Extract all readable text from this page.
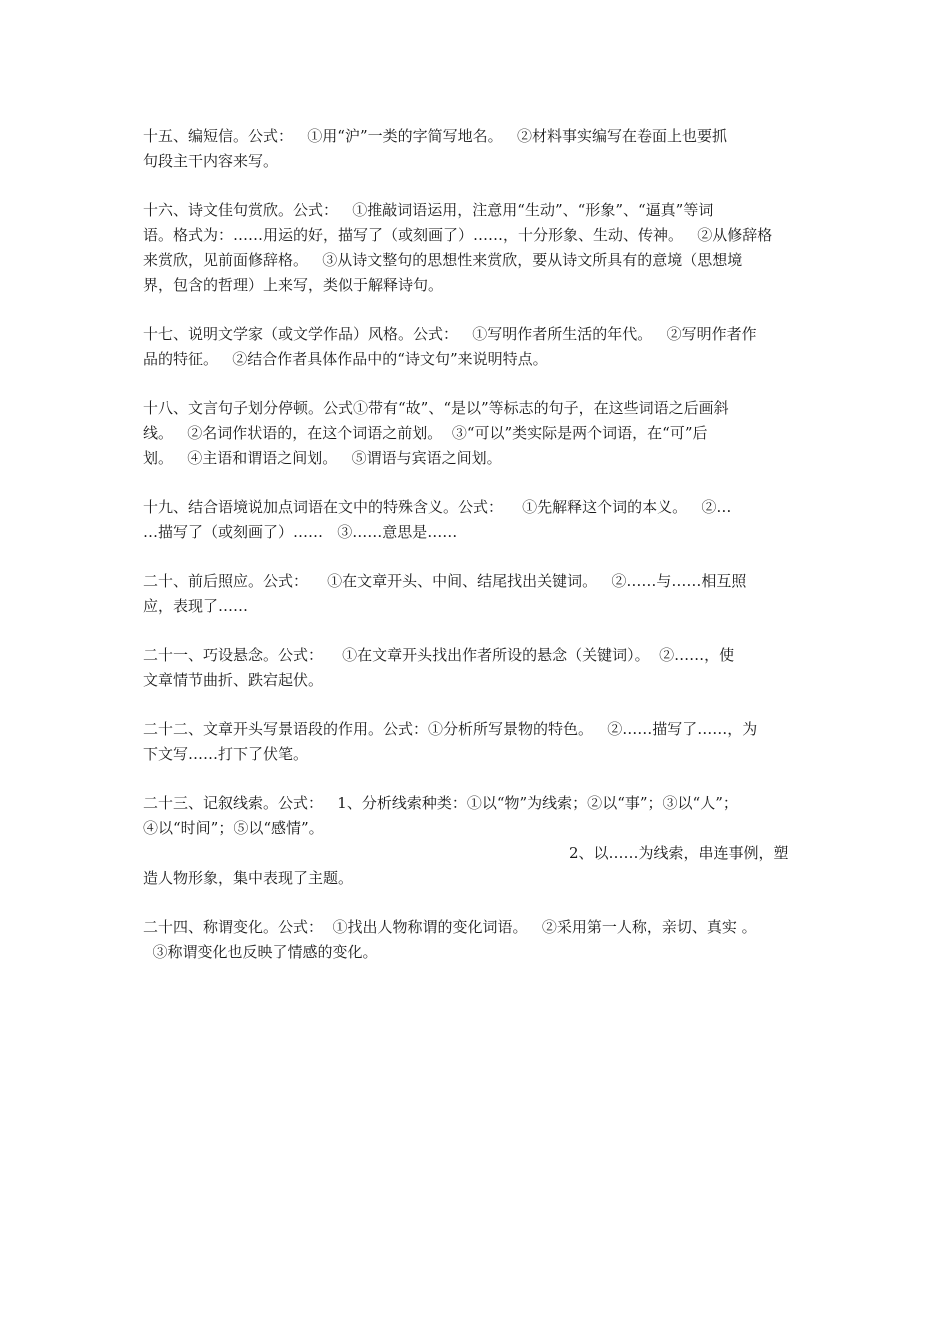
十五、编短信。公式：   ①用“沪”一类的字简写地名。   ②材料事实编写在卷面上也要抓
句段主干内容来写。

十六、诗文佳句赏欣。公式：   ①推敲词语运用，注意用“生动”、“形象”、“逼真”等词
语。格式为：……用运的好，描写了（或刻画了）……，十分形象、生动、传神。   ②从修辞格
来赏欣，见前面修辞格。   ③从诗文整句的思想性来赏欣，要从诗文所具有的意境（思想境
界，包含的哲理）上来写，类似于解释诗句。

十七、说明文学家（或文学作品）风格。公式：   ①写明作者所生活的年代。   ②写明作者作
品的特征。   ②结合作者具体作品中的“诗文句”来说明特点。

十八、文言句子划分停顿。公式①带有“故”、“是以”等标志的句子，在这些词语之后画斜
线。   ②名词作状语的，在这个词语之前划。  ③“可以”类实际是两个词语，在“可”后
划。   ④主语和谓语之间划。   ⑤谓语与宾语之间划。

十九、结合语境说加点词语在文中的特殊含义。公式：    ①先解释这个词的本义。   ②…
…描写了（或刻画了）……   ③……意思是……

二十、前后照应。公式：    ①在文章开头、中间、结尾找出关键词。   ②……与……相互照
应，表现了……

二十一、巧设悬念。公式：    ①在文章开头找出作者所设的悬念（关键词）。  ②……，使
文章情节曲折、跌宕起伏。

二十二、文章开头写景语段的作用。公式：①分析所写景物的特色。   ②……描写了……，为
下文写……打下了伏笔。

二十三、记叙线索。公式：   1、分析线索种类：①以“物”为线索；②以“事”；③以“人”；
④以“时间”；⑤以“感情”。
2、以……为线索，串连事例，塑
造人物形象，集中表现了主题。

二十四、称谓变化。公式：  ①找出人物称谓的变化词语。   ②采用第一人称，亲切、真实 。
③称谓变化也反映了情感的变化。
